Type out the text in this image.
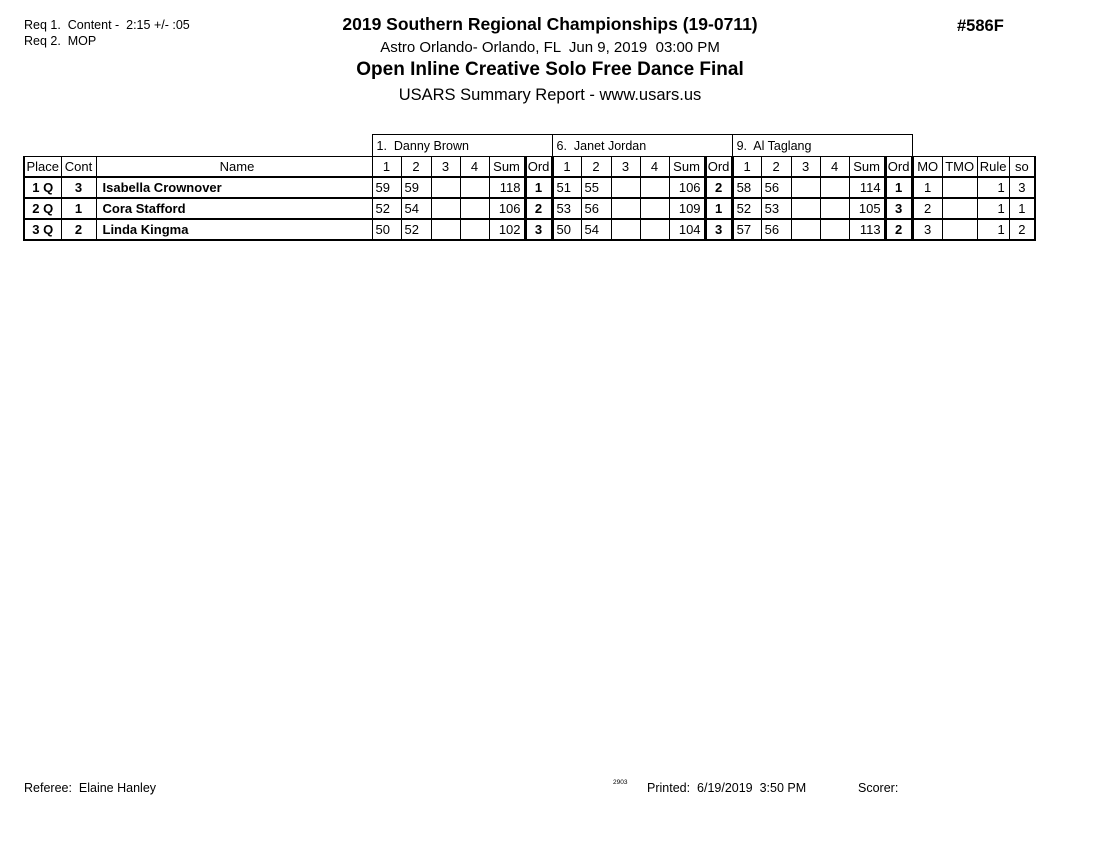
Req 1.  Content -  2:15 +/- :05
Req 2.  MOP
2019 Southern Regional Championships (19-0711)
Astro Orlando- Orlando, FL  Jun 9, 2019  03:00 PM
Open Inline Creative Solo Free Dance Final
USARS Summary Report - www.usars.us
#586F
			1.  Danny Brown						6.  Janet Jordan						9.  Al Taglang									
Place	Cont	Name	1	2	3	4	Sum	Ord	1	2	3	4	Sum	Ord	1	2	3	4	Sum	Ord	MO	TMO	Rule	so
1 Q	3	Isabella Crownover	59	59			118	1	51	55			106	2	58	56			114	1	1		1	3
2 Q	1	Cora Stafford	52	54			106	2	53	56			109	1	52	53			105	3	2		1	1
3 Q	2	Linda Kingma	50	52			102	3	50	54			104	3	57	56			113	2	3		1	2
Referee:  Elaine Hanley	2903 Printed:  6/19/2019  3:50 PM	Scorer:
